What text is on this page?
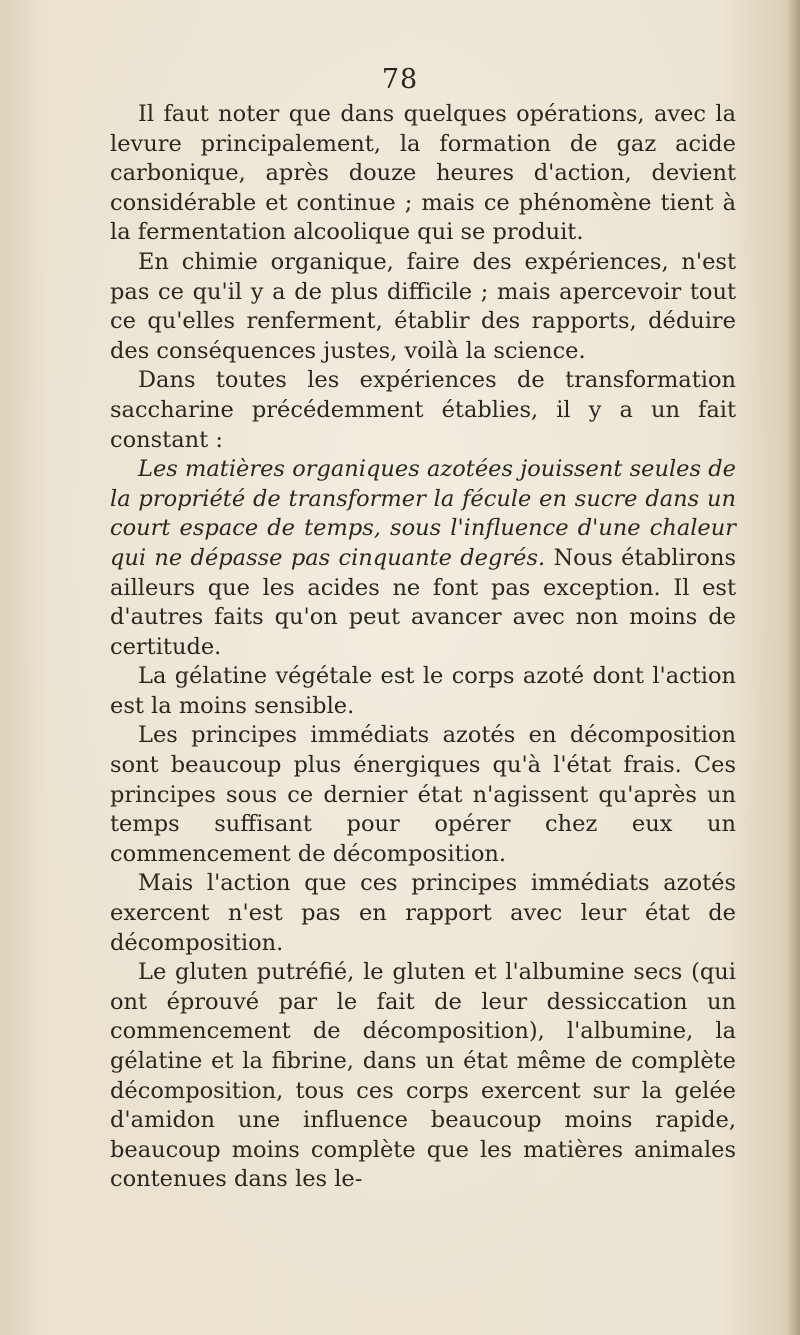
78

Il faut noter que dans quelques opérations, avec la levure principalement, la formation de gaz acide carbonique, après douze heures d'action, devient considérable et continue ; mais ce phénomène tient à la fermentation alcoolique qui se produit.

En chimie organique, faire des expériences, n'est pas ce qu'il y a de plus difficile ; mais apercevoir tout ce qu'elles renferment, établir des rapports, déduire des conséquences justes, voilà la science.

Dans toutes les expériences de transformation saccharine précédemment établies, il y a un fait constant :

Les matières organiques azotées jouissent seules de la propriété de transformer la fécule en sucre dans un court espace de temps, sous l'influence d'une chaleur qui ne dépasse pas cinquante degrés. Nous établirons ailleurs que les acides ne font pas exception. Il est d'autres faits qu'on peut avancer avec non moins de certitude.

La gélatine végétale est le corps azoté dont l'action est la moins sensible.

Les principes immédiats azotés en décomposition sont beaucoup plus énergiques qu'à l'état frais. Ces principes sous ce dernier état n'agissent qu'après un temps suffisant pour opérer chez eux un commencement de décomposition.

Mais l'action que ces principes immédiats azotés exercent n'est pas en rapport avec leur état de décomposition.

Le gluten putréfié, le gluten et l'albumine secs (qui ont éprouvé par le fait de leur dessiccation un commencement de décomposition), l'albumine, la gélatine et la fibrine, dans un état même de complète décomposition, tous ces corps exercent sur la gelée d'amidon une influence beaucoup moins rapide, beaucoup moins complète que les matières animales contenues dans les le-
